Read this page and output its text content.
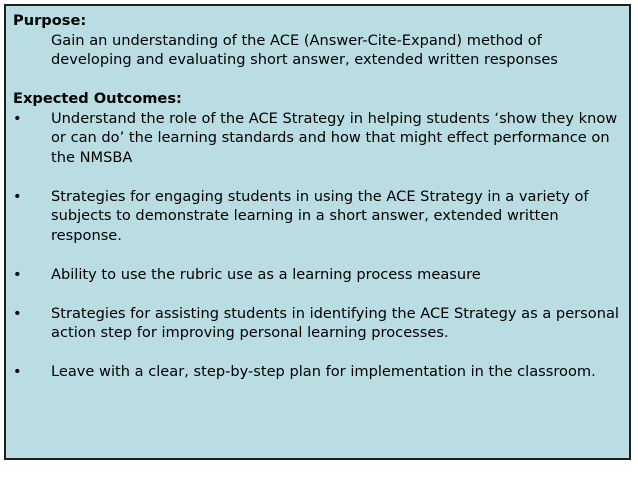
Purpose:
Gain an understanding of the ACE (Answer-Cite-Expand) method of developing and evaluating short answer, extended written responses
Expected Outcomes:
•	Understand the role of the ACE Strategy in helping students ‘show they know or can do’ the learning standards and how that might effect performance on the NMSBA
•	Strategies for engaging students in using the ACE Strategy in a variety of subjects to demonstrate learning in a short answer, extended written response.
•	Ability to use the rubric use as a learning process measure
•	Strategies for assisting students in identifying the ACE Strategy as a personal action step for improving personal learning processes.
•	Leave with a clear, step-by-step plan for implementation in the classroom.
